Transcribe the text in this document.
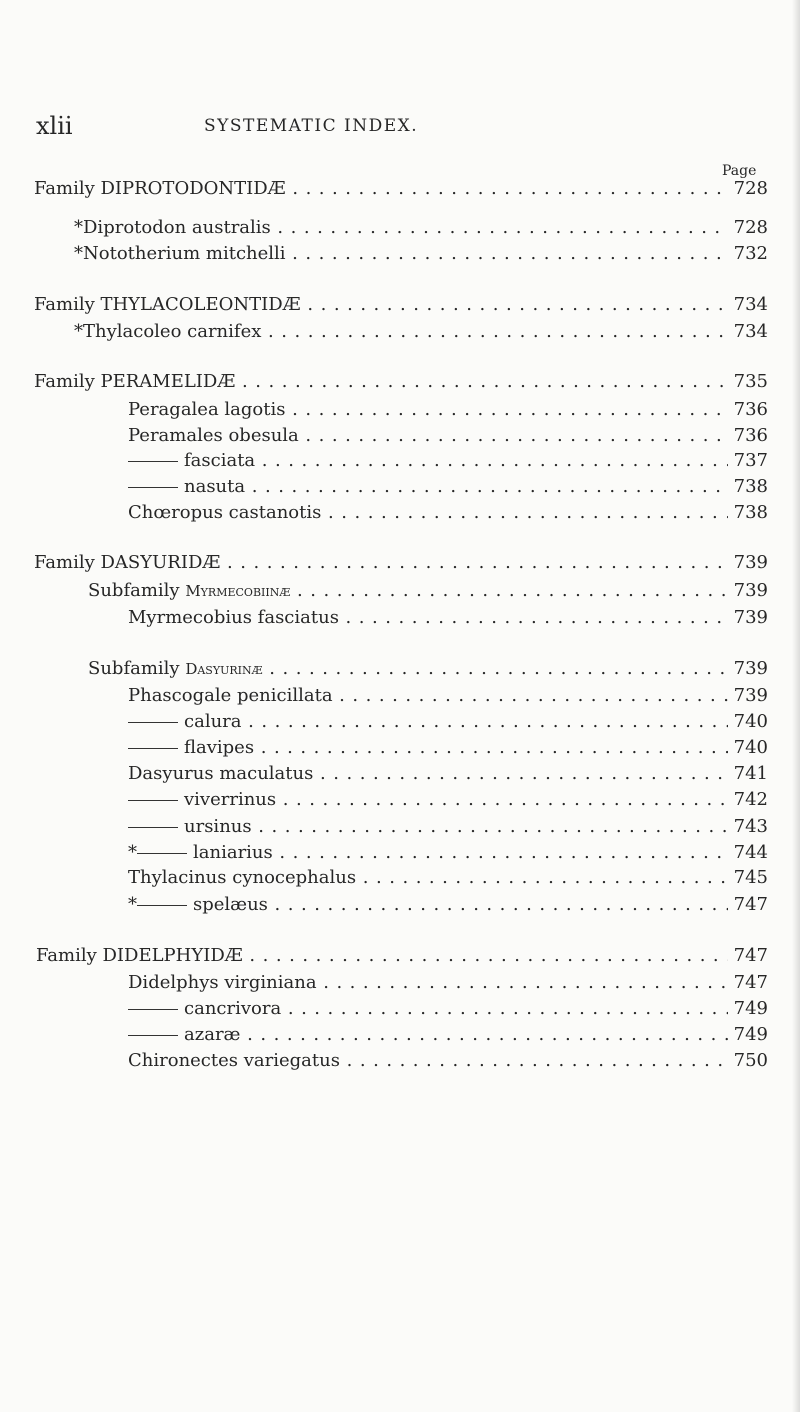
xlii	SYSTEMATIC INDEX.
Page
Family DIPROTODONTIDÆ . . .	728
*Diprotodon australis . . .	728
*Nototherium mitchelli . . .	732
Family THYLACOLEONTIDÆ . . .	734
*Thylacoleo carnifex . . .	734
Family PERAMELIDÆ . . .	735
Peragalea lagotis . . .	736
Peramales obesula . . .	736
fasciata . . .	737
nasuta . . .	738
Chœropus castanotis . . .	738
Family DASYURIDÆ . . .	739
Subfamily Myrmecobiinæ . . .	739
Myrmecobius fasciatus . . .	739
Subfamily Dasyurinæ . . .	739
Phascogale penicillata . . .	739
calura . . .	740
flavipes . . .	740
Dasyurus maculatus . . .	741
viverrinus . . .	742
ursinus . . .	743
*	laniarius . . .	744
Thylacinus cynocephalus . . .	745
*	spelæus . . .	747
Family DIDELPHYIDÆ . . .	747
Didelphys virginiana . . .	747
cancrivora . . .	749
azaræ . . .	749
Chironectes variegatus . . .	750
